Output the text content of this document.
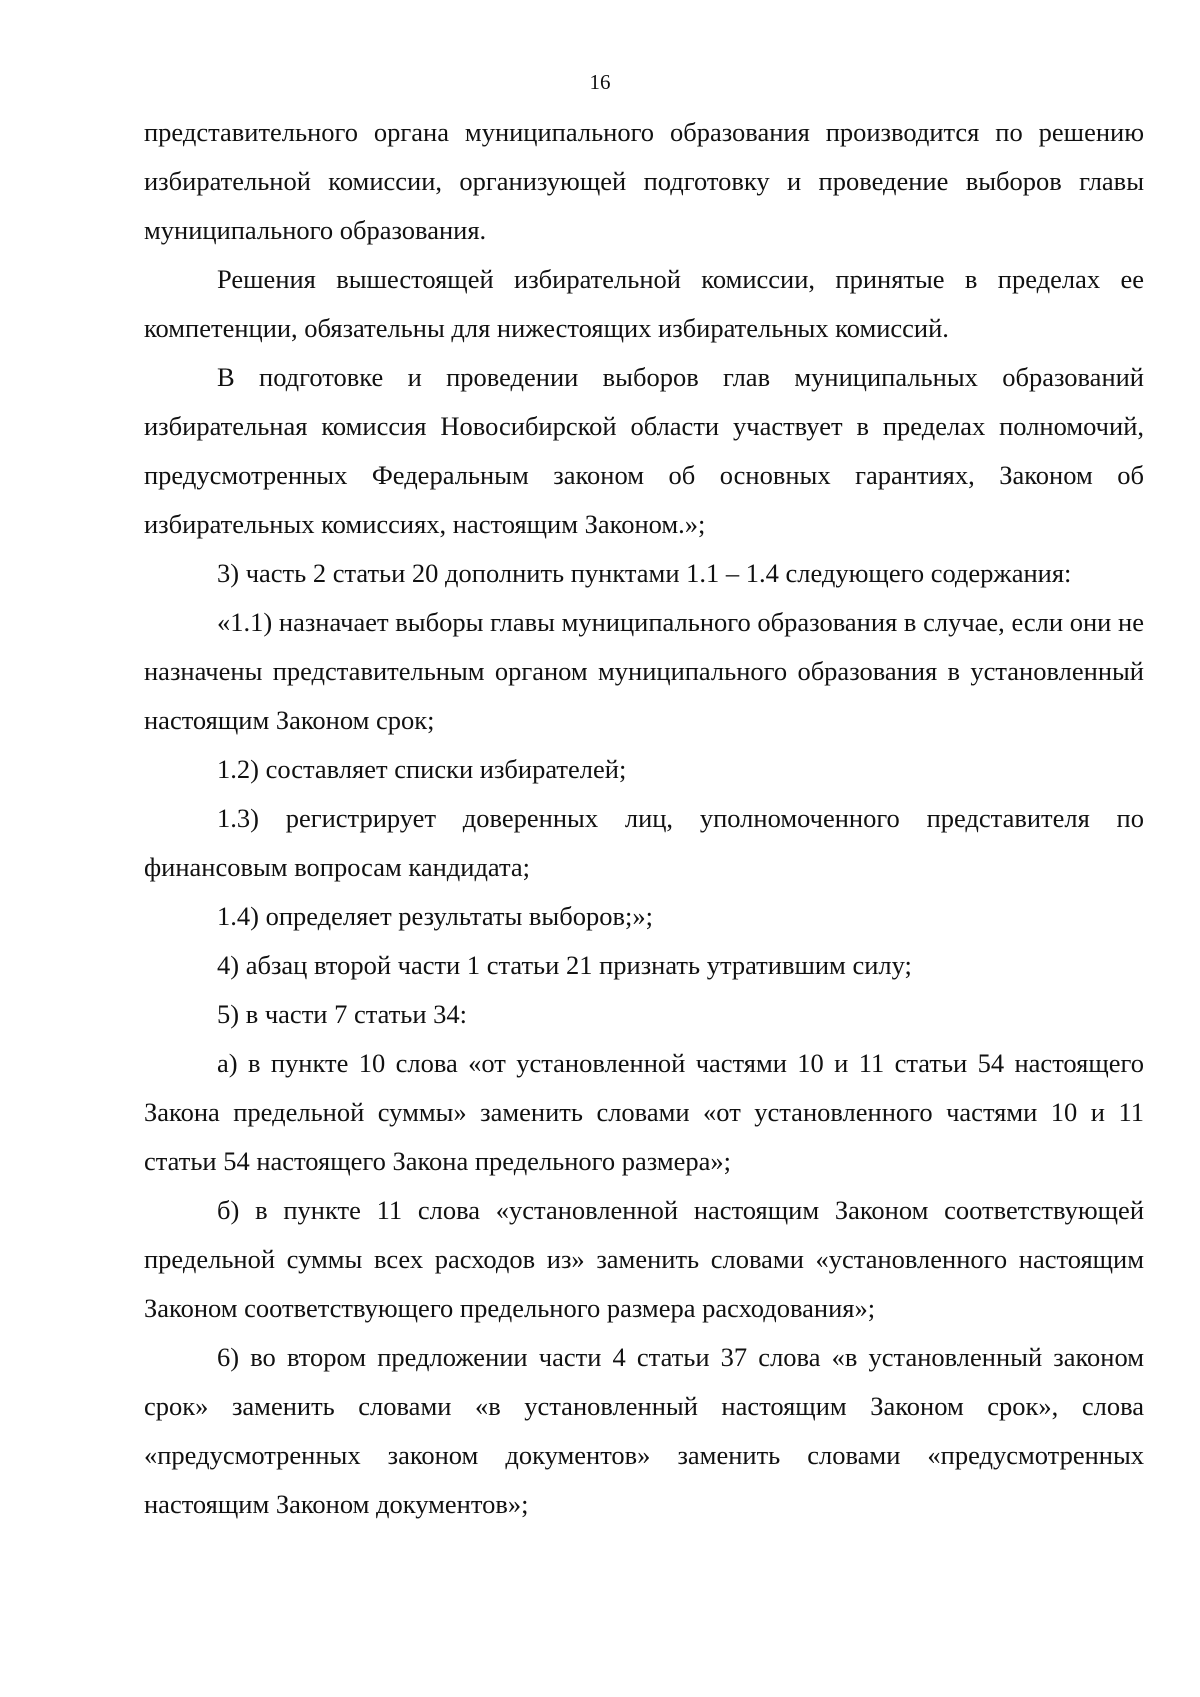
16

представительного органа муниципального образования производится по решению избирательной комиссии, организующей подготовку и проведение выборов главы муниципального образования.

Решения вышестоящей избирательной комиссии, принятые в пределах ее компетенции, обязательны для нижестоящих избирательных комиссий.

В подготовке и проведении выборов глав муниципальных образований избирательная комиссия Новосибирской области участвует в пределах полномочий, предусмотренных Федеральным законом об основных гарантиях, Законом об избирательных комиссиях, настоящим Законом.»;

3) часть 2 статьи 20 дополнить пунктами 1.1 – 1.4 следующего содержания:

«1.1) назначает выборы главы муниципального образования в случае, если они не назначены представительным органом муниципального образования в установленный настоящим Законом срок;

1.2) составляет списки избирателей;

1.3) регистрирует доверенных лиц, уполномоченного представителя по финансовым вопросам кандидата;

1.4) определяет результаты выборов;»;

4) абзац второй части 1 статьи 21 признать утратившим силу;

5) в части 7 статьи 34:

а) в пункте 10 слова «от установленной частями 10 и 11 статьи 54 настоящего Закона предельной суммы» заменить словами «от установленного частями 10 и 11 статьи 54 настоящего Закона предельного размера»;

б) в пункте 11 слова «установленной настоящим Законом соответствующей предельной суммы всех расходов из» заменить словами «установленного настоящим Законом соответствующего предельного размера расходования»;

6) во втором предложении части 4 статьи 37 слова «в установленный законом срок» заменить словами «в установленный настоящим Законом срок», слова «предусмотренных законом документов» заменить словами «предусмотренных настоящим Законом документов»;
